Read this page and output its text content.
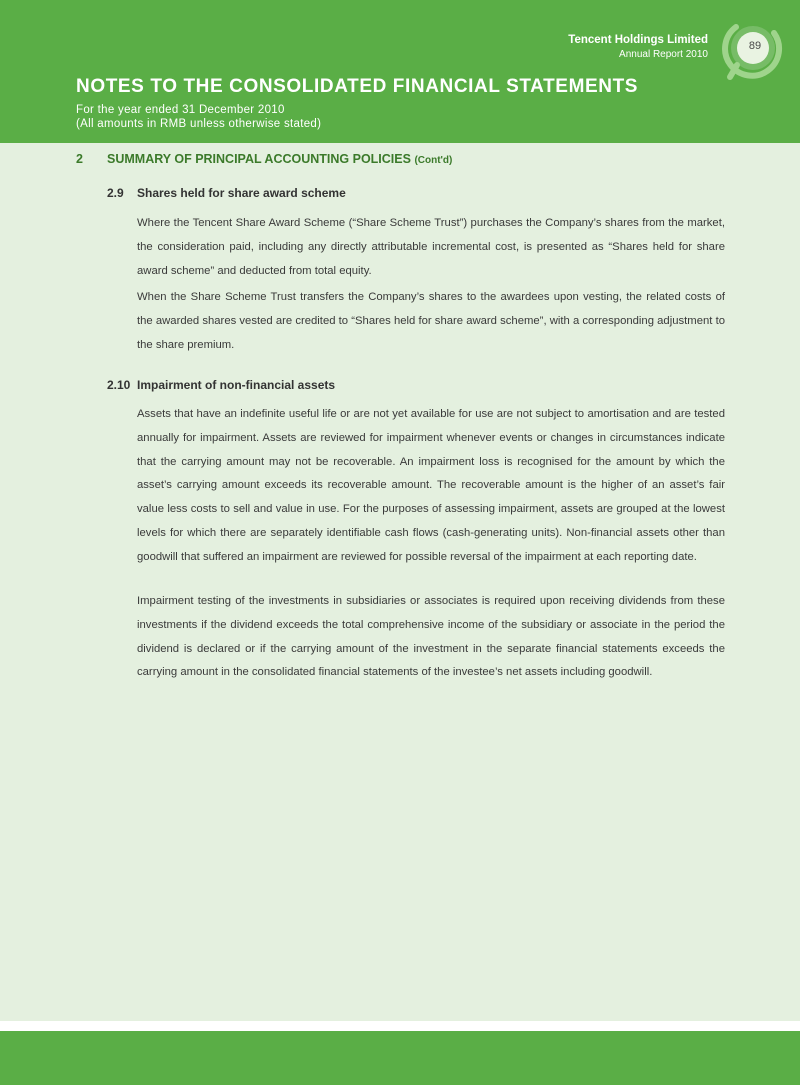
Tencent Holdings Limited
Annual Report 2010
89
NOTES TO THE CONSOLIDATED FINANCIAL STATEMENTS
For the year ended 31 December 2010
(All amounts in RMB unless otherwise stated)
2 SUMMARY OF PRINCIPAL ACCOUNTING POLICIES (Cont'd)
2.9 Shares held for share award scheme

Where the Tencent Share Award Scheme (“Share Scheme Trust”) purchases the Company’s shares from the market, the consideration paid, including any directly attributable incremental cost, is presented as “Shares held for share award scheme” and deducted from total equity.

When the Share Scheme Trust transfers the Company’s shares to the awardees upon vesting, the related costs of the awarded shares vested are credited to “Shares held for share award scheme”, with a corresponding adjustment to the share premium.

2.10 Impairment of non-financial assets

Assets that have an indefinite useful life or are not yet available for use are not subject to amortisation and are tested annually for impairment. Assets are reviewed for impairment whenever events or changes in circumstances indicate that the carrying amount may not be recoverable. An impairment loss is recognised for the amount by which the asset’s carrying amount exceeds its recoverable amount. The recoverable amount is the higher of an asset’s fair value less costs to sell and value in use. For the purposes of assessing impairment, assets are grouped at the lowest levels for which there are separately identifiable cash flows (cash-generating units). Non-financial assets other than goodwill that suffered an impairment are reviewed for possible reversal of the impairment at each reporting date.

Impairment testing of the investments in subsidiaries or associates is required upon receiving dividends from these investments if the dividend exceeds the total comprehensive income of the subsidiary or associate in the period the dividend is declared or if the carrying amount of the investment in the separate financial statements exceeds the carrying amount in the consolidated financial statements of the investee’s net assets including goodwill.
